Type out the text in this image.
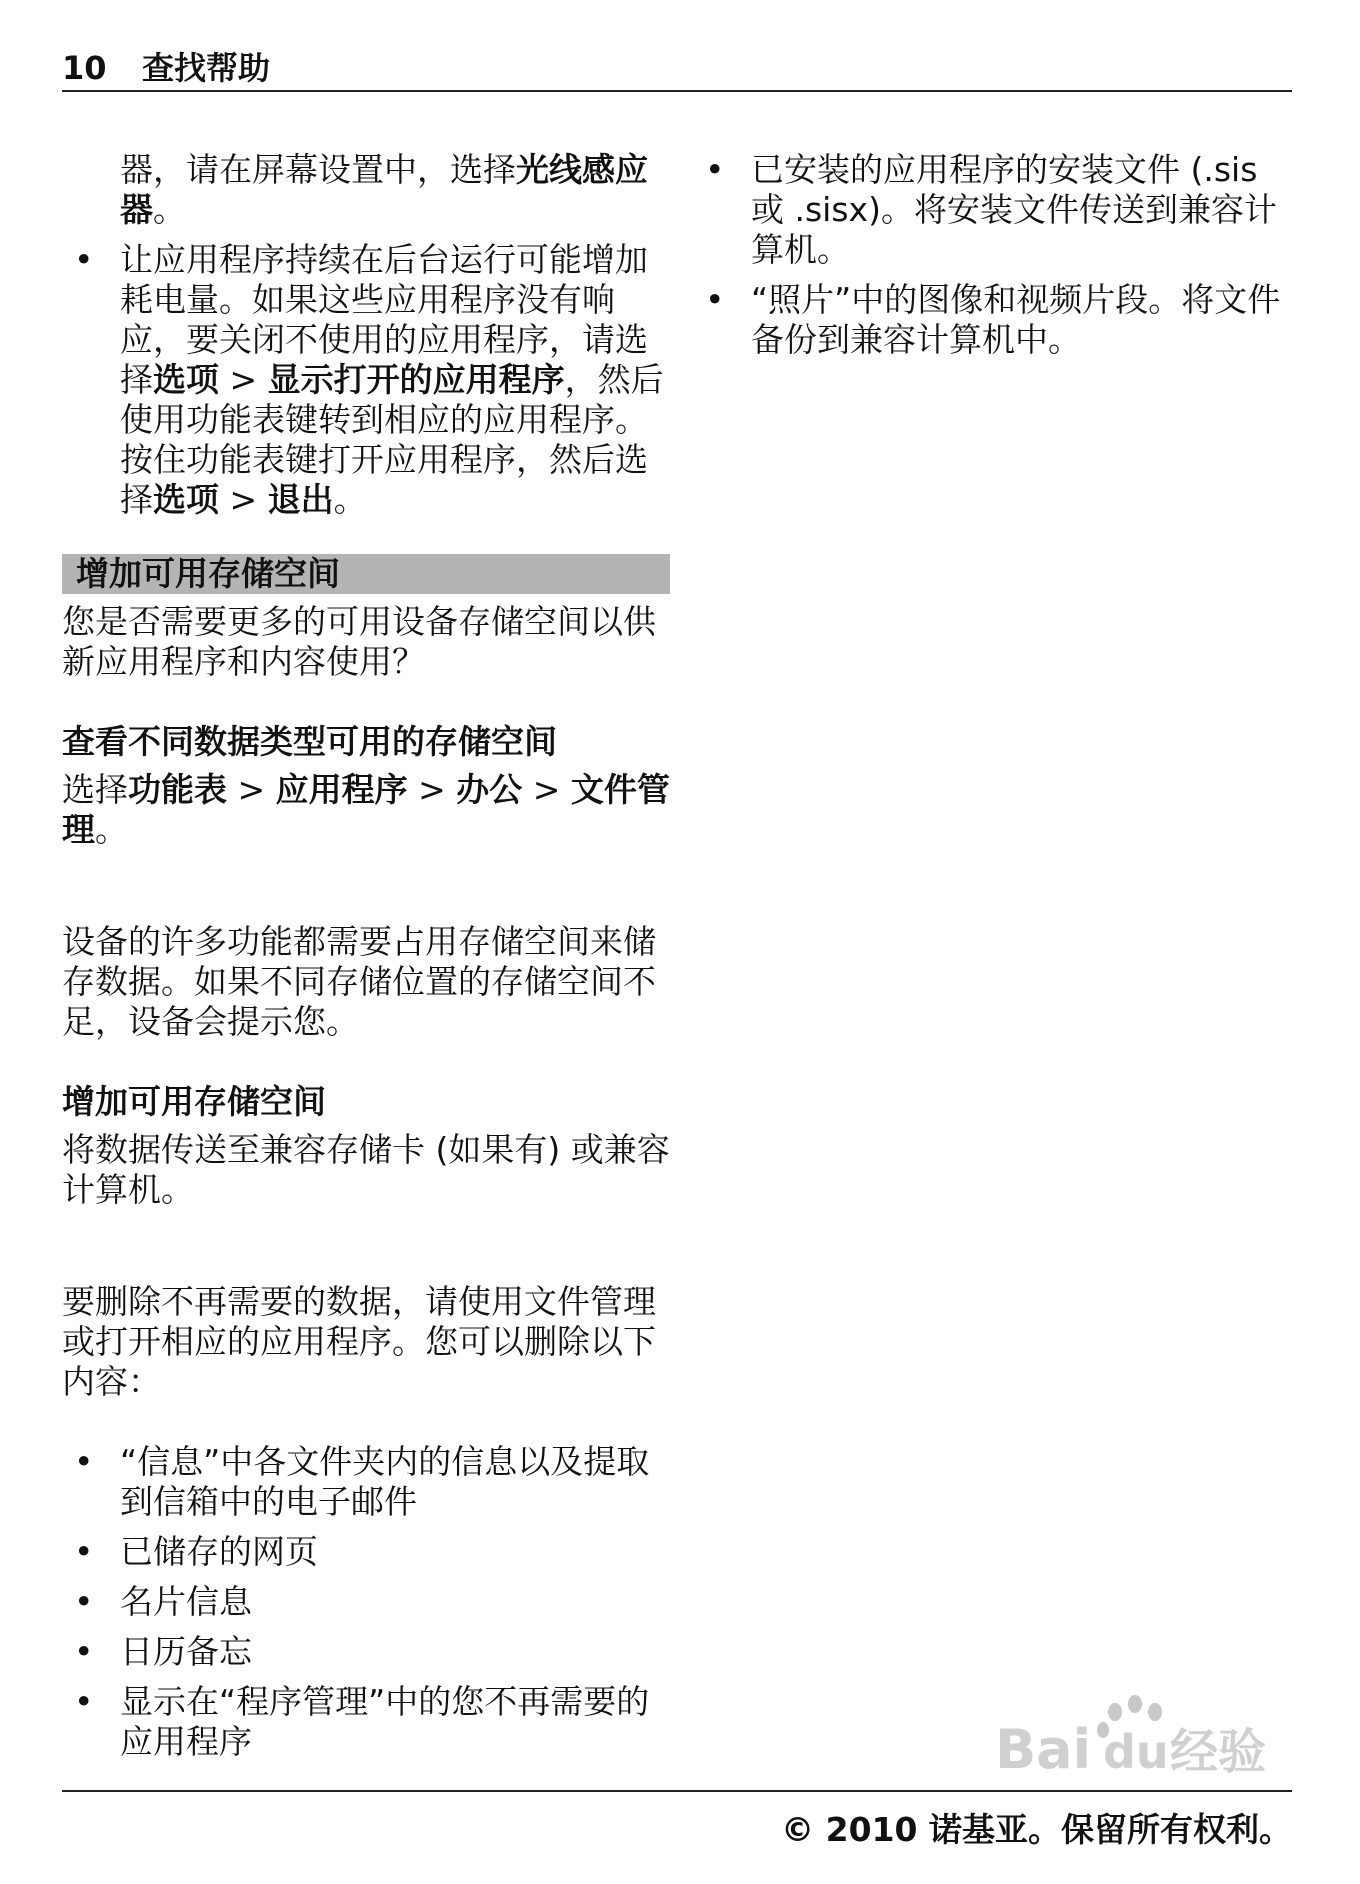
10 查找帮助
器，请在屏幕设置中，选择光线感应器。
• 让应用程序持续在后台运行可能增加耗电量。如果这些应用程序没有响应，要关闭不使用的应用程序，请选择选项 > 显示打开的应用程序，然后使用功能表键转到相应的应用程序。按住功能表键打开应用程序，然后选择选项 > 退出。
增加可用存储空间
您是否需要更多的可用设备存储空间以供新应用程序和内容使用？
查看不同数据类型可用的存储空间
选择功能表 > 应用程序 > 办公 > 文件管理。
设备的许多功能都需要占用存储空间来储存数据。如果不同存储位置的存储空间不足，设备会提示您。
增加可用存储空间
将数据传送至兼容存储卡 (如果有) 或兼容计算机。
要删除不再需要的数据，请使用文件管理或打开相应的应用程序。您可以删除以下内容：
• “信息”中各文件夹内的信息以及提取到信箱中的电子邮件
• 已储存的网页
• 名片信息
• 日历备忘
• 显示在“程序管理”中的您不再需要的应用程序
• 已安装的应用程序的安装文件 (.sis 或 .sisx)。将安装文件传送到兼容计算机。
• “照片”中的图像和视频片段。将文件备份到兼容计算机中。
Bai du 经验
© 2010 诺基亚。保留所有权利。
